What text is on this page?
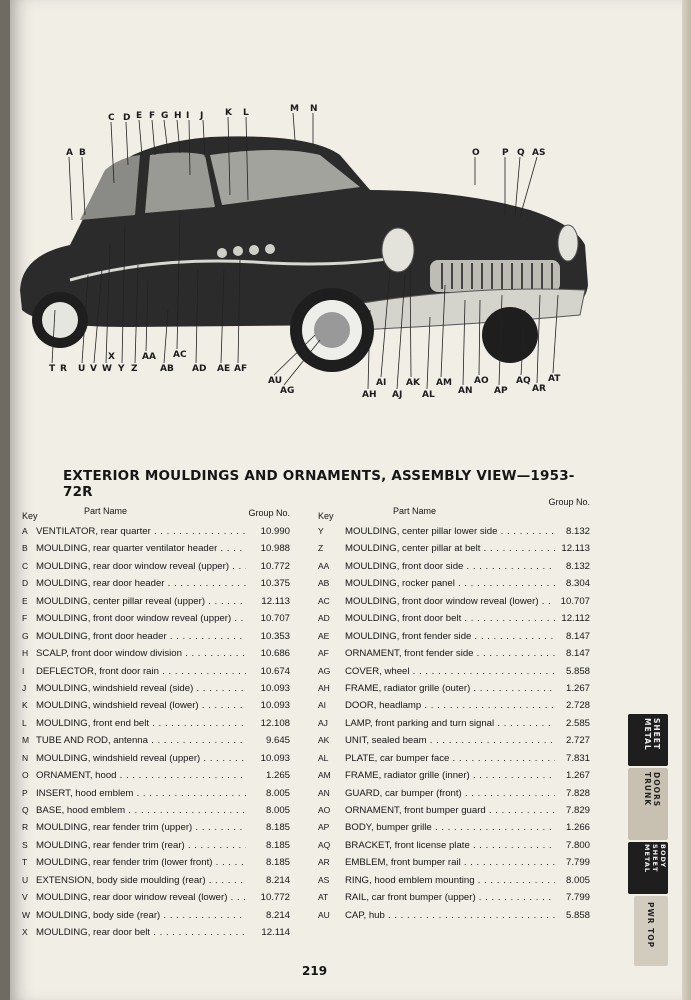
A B
C D E F G H I J K L	M N
O P Q AS
S
T R U V W
X
Y Z
AA
AB
AC
AD AE AF
AG
AU
AH
AI
AJ
AK
AL
AM
AN
AO
AP
AQ
AR
AT
EXTERIOR MOULDINGS AND ORNAMENTS, ASSEMBLY VIEW—1953-72R
Key	Part Name	Group No.
A VENTILATOR, rear quarter . . .	10.990
B MOULDING, rear quarter ventilator header . . .	10.988
C MOULDING, rear door window reveal (upper) . . .	10.772
D MOULDING, rear door header . . .	10.375
E MOULDING, center pillar reveal (upper) . . .	12.113
F MOULDING, front door window reveal (upper) . . .	10.707
G MOULDING, front door header . . .	10.353
H SCALP, front door window division . . .	10.686
I DEFLECTOR, front door rain . . .	10.674
J MOULDING, windshield reveal (side) . . .	10.093
K MOULDING, windshield reveal (lower) . . .	10.093
L MOULDING, front end belt . . .	12.108
M TUBE AND ROD, antenna . . .	9.645
N MOULDING, windshield reveal (upper) . . .	10.093
O ORNAMENT, hood . . .	1.265
P INSERT, hood emblem . . .	8.005
Q BASE, hood emblem . . .	8.005
R MOULDING, rear fender trim (upper) . . .	8.185
S MOULDING, rear fender trim (rear) . . .	8.185
T MOULDING, rear fender trim (lower front) . . .	8.185
U EXTENSION, body side moulding (rear) . . .	8.214
V MOULDING, rear door window reveal (lower) . . .	10.772
W MOULDING, body side (rear) . . .	8.214
X MOULDING, rear door belt . . .	12.114
Key	Part Name
Group No.
Y MOULDING, center pillar lower side . . .	8.132
Z MOULDING, center pillar at belt . . .	12.113
AA MOULDING, front door side . . .	8.132
AB MOULDING, rocker panel . . .	8.304
AC MOULDING, front door window reveal (lower) . . .	10.707
AD MOULDING, front door belt . . .	12.112
AE MOULDING, front fender side . . .	8.147
AF ORNAMENT, front fender side . . .	8.147
AG COVER, wheel . . .	5.858
AH FRAME, radiator grille (outer) . . .	1.267
AI DOOR, headlamp . . .	2.728
AJ LAMP, front parking and turn signal . . .	2.585
AK UNIT, sealed beam . . .	2.727
AL PLATE, car bumper face . . .	7.831
AM FRAME, radiator grille (inner) . . .	1.267
AN GUARD, car bumper (front) . . .	7.828
AO ORNAMENT, front bumper guard . . .	7.829
AP BODY, bumper grille . . .	1.266
AQ BRACKET, front license plate . . .	7.800
AR EMBLEM, front bumper rail . . .	7.799
AS RING, hood emblem mounting . . .	8.005
AT RAIL, car front bumper (upper) . . .	7.799
AU CAP, hub . . .	5.858
219
SHEET METAL
DOORS TRUNK
BODY SHEET METAL
PWR TOP
